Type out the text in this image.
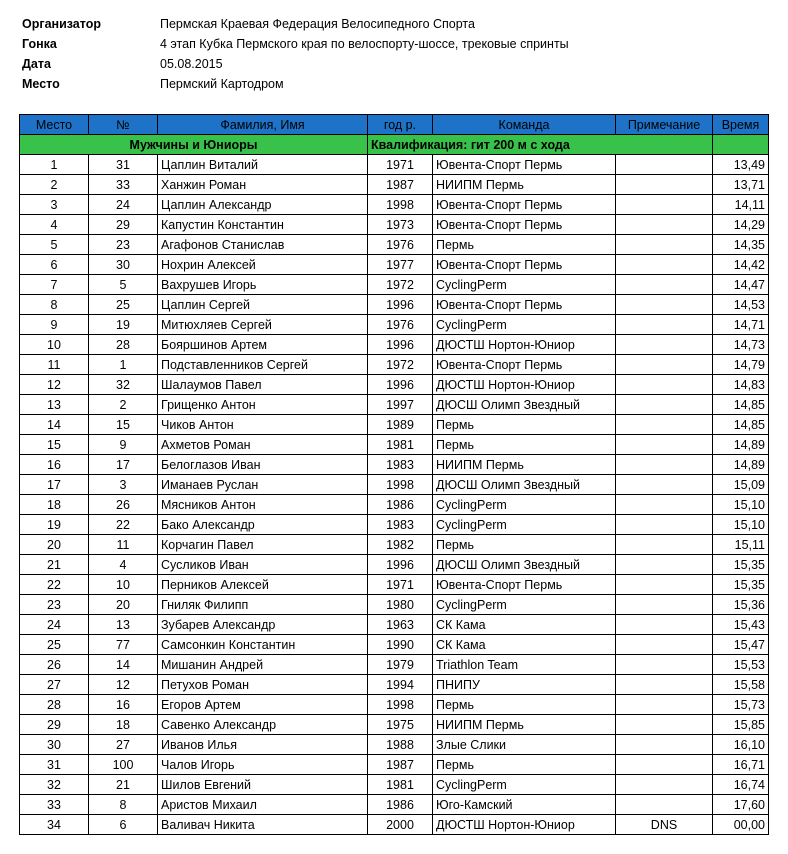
Организатор	Пермская Краевая Федерация Велосипедного Спорта
Гонка	4 этап Кубка Пермского края по велоспорту-шоссе, трековые спринты
Дата	05.08.2015
Место	Пермский Картодром
Место	№	Фамилия, Имя	год р.	Команда	Примечание	Время
Мужчины и Юниоры			Квалификация: гит 200 м с хода			
1	31	Цаплин Виталий	1971	Ювента-Спорт Пермь		13,49
2	33	Ханжин Роман	1987	НИИПМ Пермь		13,71
3	24	Цаплин Александр	1998	Ювента-Спорт Пермь		14,11
4	29	Капустин Константин	1973	Ювента-Спорт Пермь		14,29
5	23	Агафонов Станислав	1976	Пермь		14,35
6	30	Нохрин Алексей	1977	Ювента-Спорт Пермь		14,42
7	5	Вахрушев Игорь	1972	CyclingPerm		14,47
8	25	Цаплин Сергей	1996	Ювента-Спорт Пермь		14,53
9	19	Митюхляев Сергей	1976	CyclingPerm		14,71
10	28	Бояршинов Артем	1996	ДЮСТШ Нортон-Юниор		14,73
11	1	Подставленников Сергей	1972	Ювента-Спорт Пермь		14,79
12	32	Шалаумов Павел	1996	ДЮСТШ Нортон-Юниор		14,83
13	2	Грищенко Антон	1997	ДЮСШ Олимп Звездный		14,85
14	15	Чиков Антон	1989	Пермь		14,85
15	9	Ахметов Роман	1981	Пермь		14,89
16	17	Белоглазов Иван	1983	НИИПМ Пермь		14,89
17	3	Иманаев Руслан	1998	ДЮСШ Олимп Звездный		15,09
18	26	Мясников Антон	1986	CyclingPerm		15,10
19	22	Бако Александр	1983	CyclingPerm		15,10
20	11	Корчагин Павел	1982	Пермь		15,11
21	4	Сусликов Иван	1996	ДЮСШ Олимп Звездный		15,35
22	10	Перников Алексей	1971	Ювента-Спорт Пермь		15,35
23	20	Гниляк Филипп	1980	CyclingPerm		15,36
24	13	Зубарев Александр	1963	СК Кама		15,43
25	77	Самсонкин Константин	1990	СК Кама		15,47
26	14	Мишанин Андрей	1979	Triathlon Team		15,53
27	12	Петухов Роман	1994	ПНИПУ		15,58
28	16	Егоров Артем	1998	Пермь		15,73
29	18	Савенко Александр	1975	НИИПМ Пермь		15,85
30	27	Иванов Илья	1988	Злые Слики		16,10
31	100	Чалов Игорь	1987	Пермь		16,71
32	21	Шилов Евгений	1981	CyclingPerm		16,74
33	8	Аристов Михаил	1986	Юго-Камский		17,60
34	6	Валивач Никита	2000	ДЮСТШ Нортон-Юниор	DNS	00,00
